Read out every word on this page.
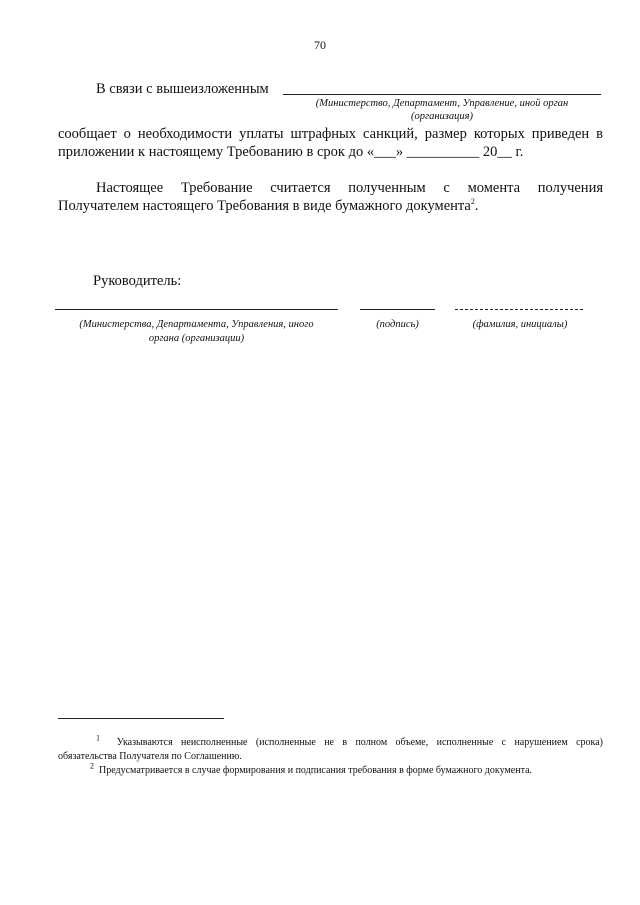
70
В связи с вышеизложенным
(Министерство, Департамент, Управление, иной орган
(организация)
сообщает о необходимости уплаты штрафных санкций, размер которых приведен в
приложении к настоящему Требованию в срок до «___» __________ 20__ г.
Настоящее Требование считается полученным с момента получения
Получателем настоящего Требования в виде бумажного документа$^2$.
Руководитель:
(Министерства, Департамента, Управления, иного
органа (организации)
(подпись)	(фамилия, инициалы)
$^1$ Указываются неисполненные (исполненные не в полном объеме, исполненные с нарушением срока)
обязательства Получателя по Соглашению.
$^2$ Предусматривается в случае формирования и подписания требования в форме бумажного документа.
